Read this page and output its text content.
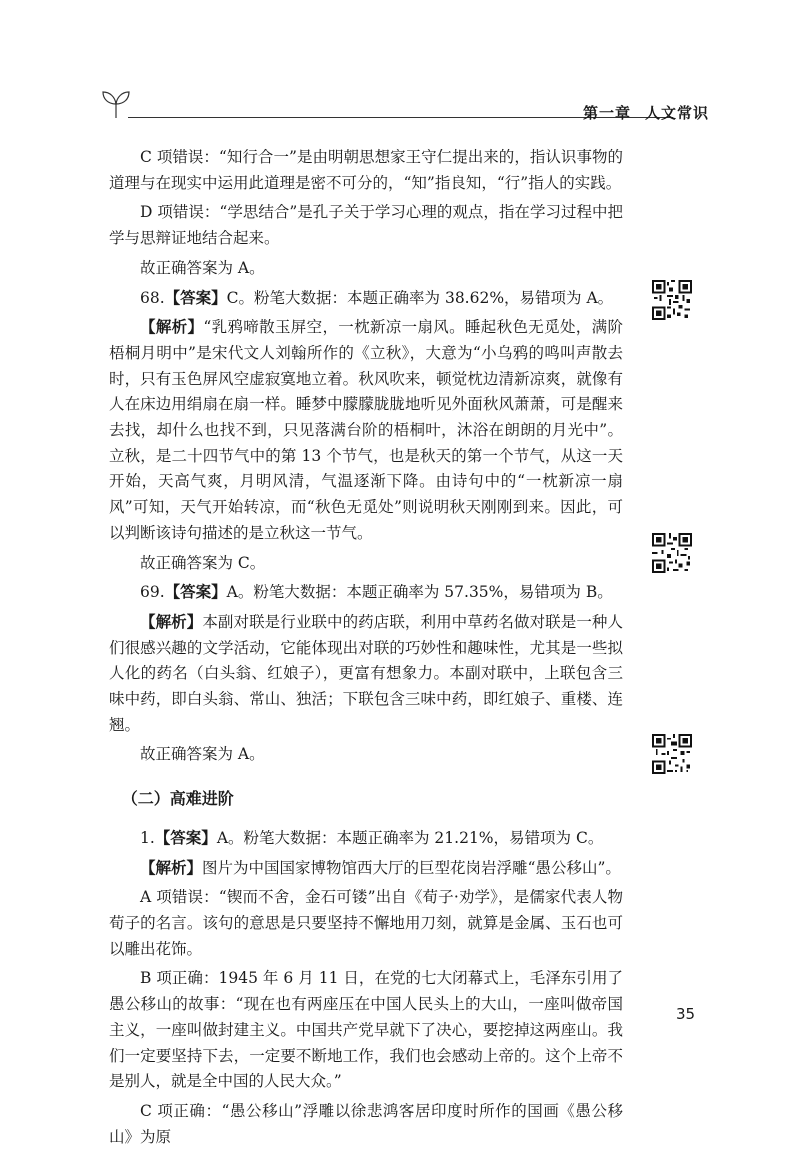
第一章 人文常识

C 项错误：“知行合一”是由明朝思想家王守仁提出来的，指认识事物的道理与在现实中运用此道理是密不可分的，“知”指良知，“行”指人的实践。

D 项错误：“学思结合”是孔子关于学习心理的观点，指在学习过程中把学与思辩证地结合起来。

故正确答案为 A。

68.【答案】C。粉笔大数据：本题正确率为 38.62%，易错项为 A。

【解析】“乳鸦啼散玉屏空，一枕新凉一扇风。睡起秋色无觅处，满阶梧桐月明中”是宋代文人刘翰所作的《立秋》，大意为“小乌鸦的鸣叫声散去时，只有玉色屏风空虚寂寞地立着。秋风吹来，顿觉枕边清新凉爽，就像有人在床边用绢扇在扇一样。睡梦中朦朦胧胧地听见外面秋风萧萧，可是醒来去找，却什么也找不到，只见落满台阶的梧桐叶，沐浴在朗朗的月光中”。立秋，是二十四节气中的第 13 个节气，也是秋天的第一个节气，从这一天开始，天高气爽，月明风清，气温逐渐下降。由诗句中的“一枕新凉一扇风”可知，天气开始转凉，而“秋色无觅处”则说明秋天刚刚到来。因此，可以判断该诗句描述的是立秋这一节气。

故正确答案为 C。

69.【答案】A。粉笔大数据：本题正确率为 57.35%，易错项为 B。

【解析】本副对联是行业联中的药店联，利用中草药名做对联是一种人们很感兴趣的文学活动，它能体现出对联的巧妙性和趣味性，尤其是一些拟人化的药名（白头翁、红娘子），更富有想象力。本副对联中，上联包含三味中药，即白头翁、常山、独活；下联包含三味中药，即红娘子、重楼、连翘。

故正确答案为 A。

（二）高难进阶

1.【答案】A。粉笔大数据：本题正确率为 21.21%，易错项为 C。

【解析】图片为中国国家博物馆西大厅的巨型花岗岩浮雕“愚公移山”。

A 项错误：“锲而不舍，金石可镂”出自《荀子·劝学》，是儒家代表人物荀子的名言。该句的意思是只要坚持不懈地用刀刻，就算是金属、玉石也可以雕出花饰。

B 项正确：1945 年 6 月 11 日，在党的七大闭幕式上，毛泽东引用了愚公移山的故事：“现在也有两座压在中国人民头上的大山，一座叫做帝国主义，一座叫做封建主义。中国共产党早就下了决心，要挖掉这两座山。我们一定要坚持下去，一定要不断地工作，我们也会感动上帝的。这个上帝不是别人，就是全中国的人民大众。”

C 项正确：“愚公移山”浮雕以徐悲鸿客居印度时所作的国画《愚公移山》为原

35
